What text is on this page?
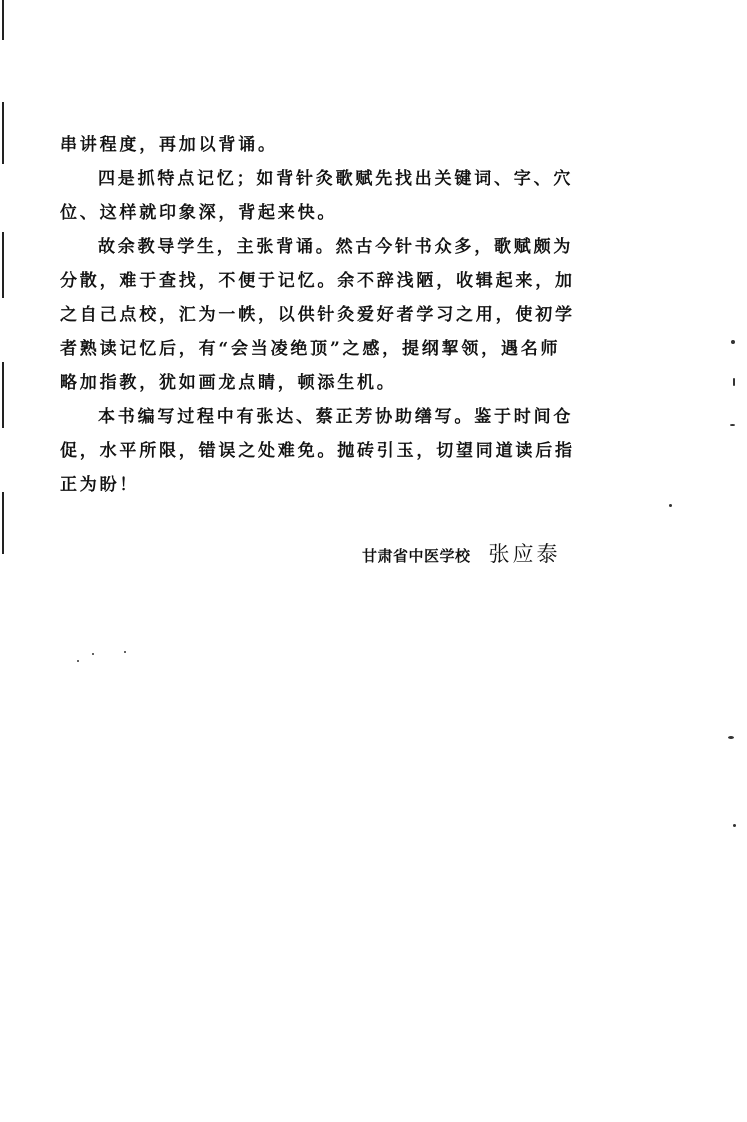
串讲程度，再加以背诵。
四是抓特点记忆；如背针灸歌赋先找出关键词、字、穴
位、这样就印象深，背起来快。
故余教导学生，主张背诵。然古今针书众多，歌赋颇为
分散，难于查找，不便于记忆。余不辞浅陋，收辑起来，加
之自己点校，汇为一帙，以供针灸爱好者学习之用，使初学
者熟读记忆后，有“会当凌绝顶”之感，提纲挈领，遇名师
略加指教，犹如画龙点睛，顿添生机。
本书编写过程中有张达、蔡正芳协助缮写。鉴于时间仓
促，水平所限，错误之处难免。抛砖引玉，切望同道读后指
正为盼！
甘肃省中医学校 张应泰
